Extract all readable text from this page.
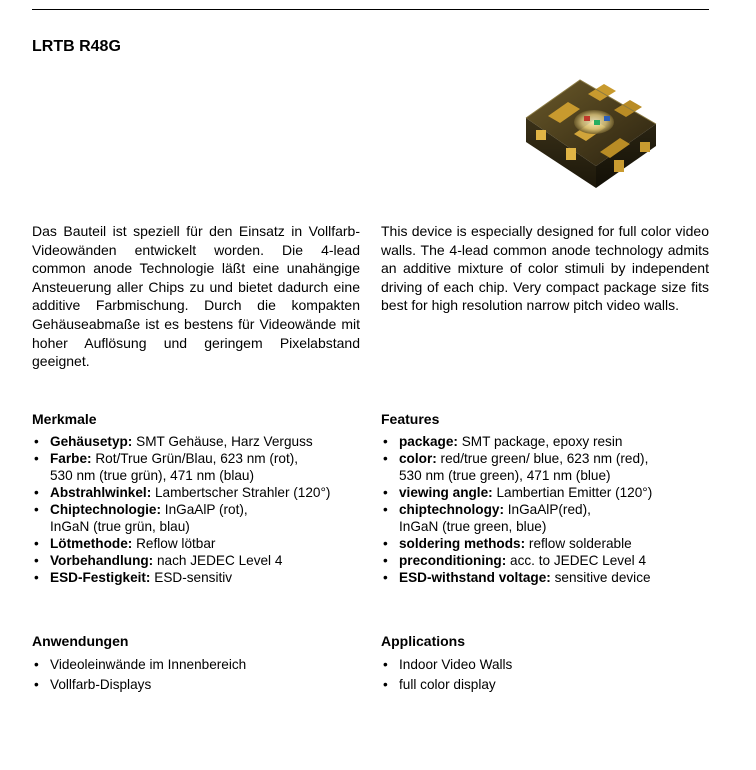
LRTB R48G
Das Bauteil ist speziell für den Einsatz in Vollfarb-Videowänden entwickelt worden. Die 4-lead common anode Technologie läßt eine unahängige Ansteuerung aller Chips zu und bietet dadurch eine additive Farbmischung. Durch die kompakten Gehäuseabmaße ist es bestens für Videowände mit hoher Auflösung und geringem Pixelabstand geeignet.
This device is especially designed for full color video walls. The 4-lead common anode technology admits an additive mixture of color stimuli by independent driving of each chip. Very compact package size fits best for high resolution narrow pitch video walls.
Merkmale
• Gehäusetyp: SMT Gehäuse, Harz Verguss
• Farbe: Rot/True Grün/Blau, 623 nm (rot),
530 nm (true grün), 471 nm (blau)
• Abstrahlwinkel: Lambertscher Strahler (120°)
• Chiptechnologie: InGaAlP (rot),
InGaN (true grün, blau)
• Lötmethode: Reflow lötbar
• Vorbehandlung: nach JEDEC Level 4
• ESD-Festigkeit: ESD-sensitiv
Features
• package: SMT package, epoxy resin
• color: red/true green/ blue, 623 nm (red),
530 nm (true green), 471 nm (blue)
• viewing angle: Lambertian Emitter (120°)
• chiptechnology: InGaAlP(red),
InGaN (true green, blue)
• soldering methods: reflow solderable
• preconditioning: acc. to JEDEC Level 4
• ESD-withstand voltage: sensitive device
Anwendungen
• Videoleinwände im Innenbereich
• Vollfarb-Displays
Applications
• Indoor Video Walls
• full color display
